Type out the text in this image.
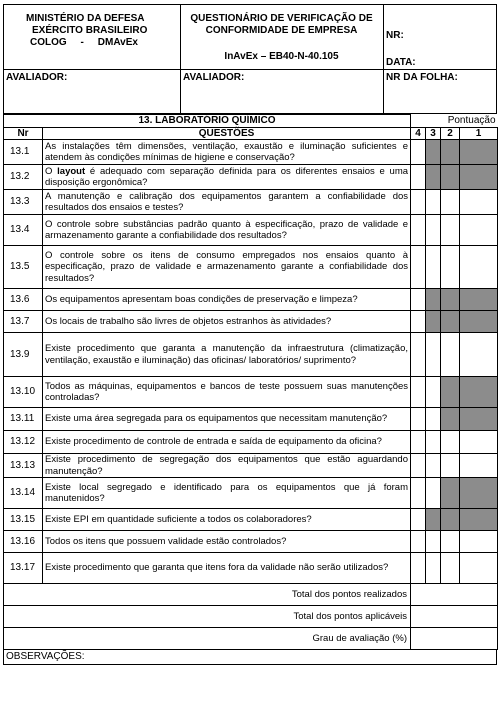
MINISTÉRIO DA DEFESA
EXÉRCITO BRASILEIRO
COLOG     -     DMAvEx
QUESTIONÁRIO DE VERIFICAÇÃO DE
CONFORMIDADE DE EMPRESA
InAvEx – EB40-N-40.105
NR:
DATA:
AVALIADOR:	AVALIADOR:	NR DA FOLHA:
13. LABORATÓRIO QUÍMICO		Pontuação			
Nr	QUESTÕES	4	3	2	1
13.1	As instalações têm dimensões, ventilação, exaustão e iluminação suficientes e atendem às condições mínimas de higiene e conservação?				
13.2	O layout é adequado com separação definida para os diferentes ensaios e uma disposição ergonômica?				
13.3	A manutenção e calibração dos equipamentos garantem a confiabilidade dos resultados dos ensaios e testes?				
13.4	O controle sobre substâncias padrão quanto à especificação, prazo de validade e armazenamento garante a confiabilidade dos resultados?				
13.5	O controle sobre os itens de consumo empregados nos ensaios quanto à especificação, prazo de validade e armazenamento garante a confiabilidade dos resultados?				
13.6	Os equipamentos apresentam boas condições de preservação e limpeza?				
13.7	Os locais de trabalho são livres de objetos estranhos às atividades?				
13.9	Existe procedimento que garanta a manutenção da infraestrutura (climatização, ventilação, exaustão e iluminação) das oficinas/ laboratórios/ suprimento?				
13.10	Todos as máquinas, equipamentos e bancos de teste possuem suas manutenções controladas?				
13.11	Existe uma área segregada para os equipamentos que necessitam manutenção?				
13.12	Existe procedimento de controle de entrada e saída de equipamento da oficina?				
13.13	Existe procedimento de segregação dos equipamentos que estão aguardando manutenção?				
13.14	Existe local segregado e identificado para os equipamentos que já foram manutenidos?				
13.15	Existe EPI em quantidade suficiente a todos os colaboradores?				
13.16	Todos os itens que possuem validade estão controlados?				
13.17	Existe procedimento que garanta que itens fora da validade não serão utilizados?				
Total dos pontos realizados					
Total dos pontos aplicáveis					
Grau de avaliação (%)					
OBSERVAÇÕES:
